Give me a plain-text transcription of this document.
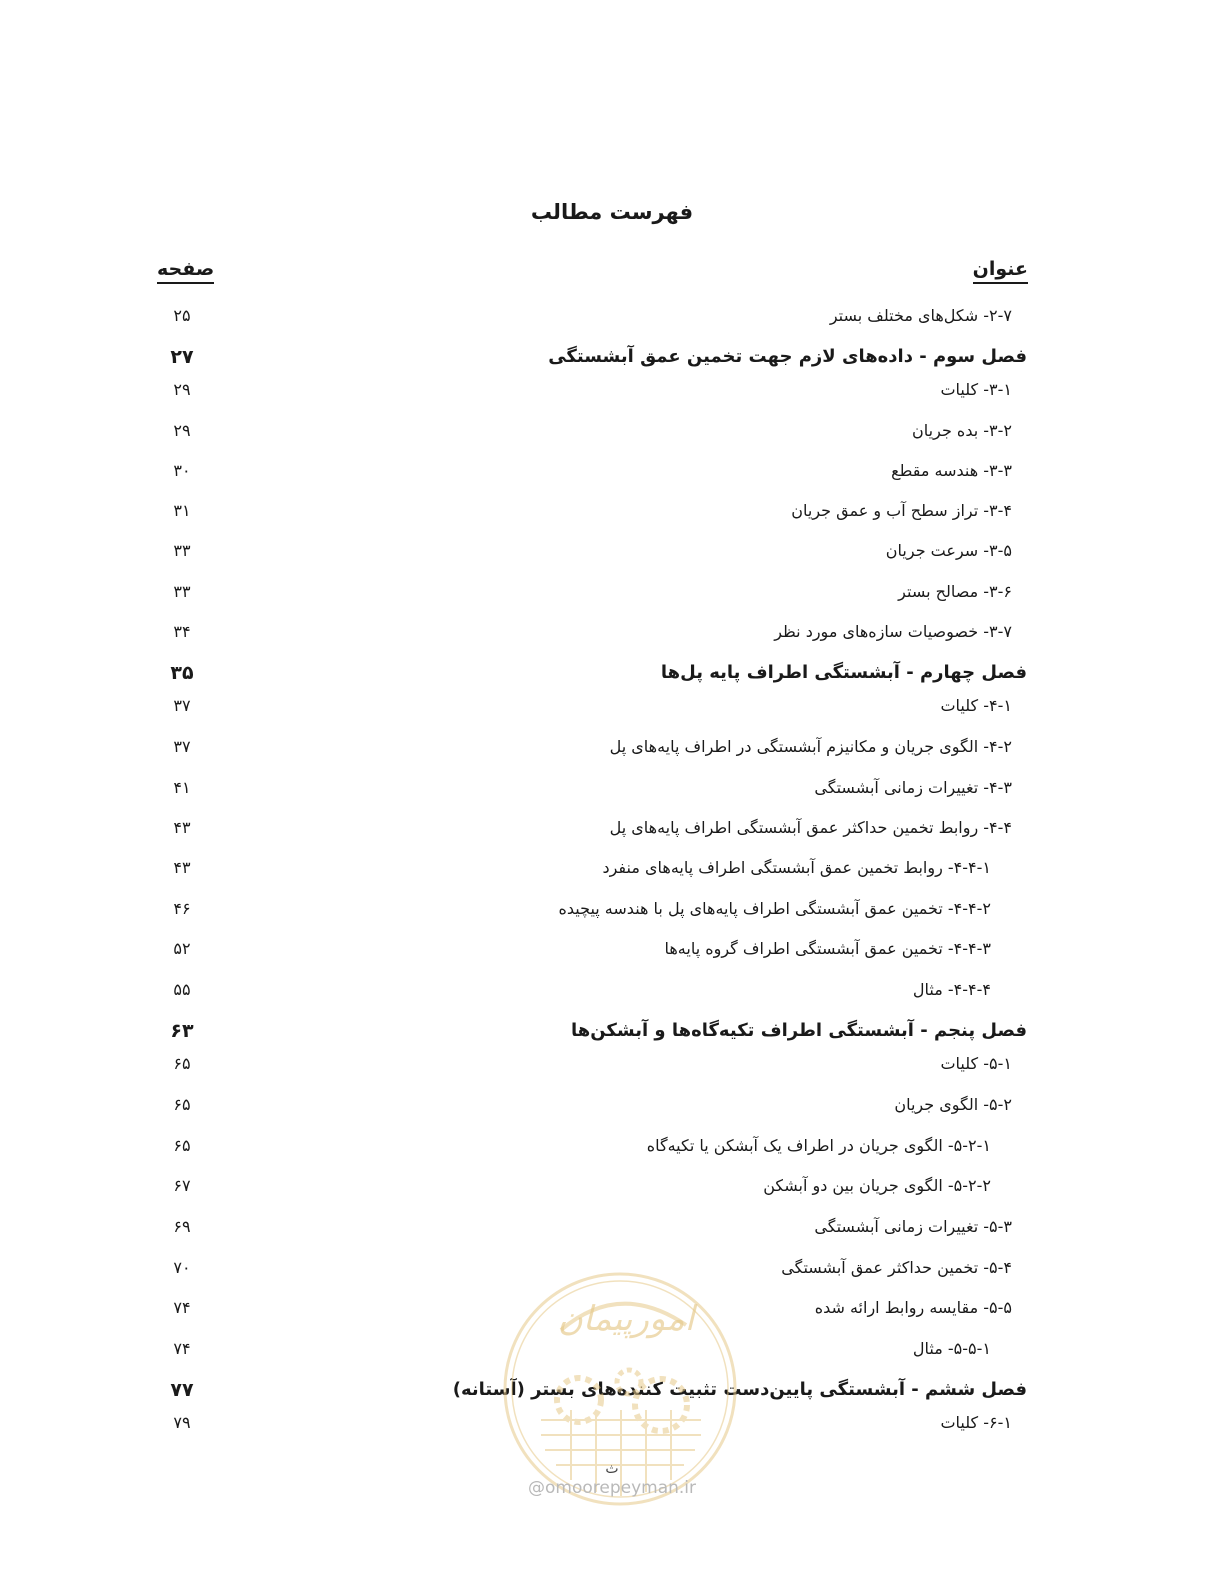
فهرست مطالب
عنوان
صفحه
۲-۷- شکل‌های مختلف بستر
۲۵
فصل سوم - داده‌های لازم جهت تخمین عمق آبشستگی
۲۷
۳-۱- کلیات
۲۹
۳-۲- بده جریان
۲۹
۳-۳- هندسه مقطع
۳۰
۳-۴- تراز سطح آب و عمق جریان
۳۱
۳-۵- سرعت جریان
۳۳
۳-۶- مصالح بستر
۳۳
۳-۷- خصوصیات سازه‌های مورد نظر
۳۴
فصل چهارم - آبشستگی اطراف پایه پل‌ها
۳۵
۴-۱- کلیات
۳۷
۴-۲- الگوی جریان و مکانیزم آبشستگی در اطراف پایه‌های پل
۳۷
۴-۳- تغییرات زمانی آبشستگی
۴۱
۴-۴- روابط تخمین حداکثر عمق آبشستگی اطراف پایه‌های پل
۴۳
۴-۴-۱- روابط تخمین عمق آبشستگی اطراف پایه‌های منفرد
۴۳
۴-۴-۲- تخمین عمق آبشستگی اطراف پایه‌های پل با هندسه پیچیده
۴۶
۴-۴-۳- تخمین عمق آبشستگی اطراف گروه پایه‌ها
۵۲
۴-۴-۴- مثال
۵۵
فصل پنجم - آبشستگی اطراف تکیه‌گاه‌ها و آبشکن‌ها
۶۳
۵-۱- کلیات
۶۵
۵-۲- الگوی جریان
۶۵
۵-۲-۱- الگوی جریان در اطراف یک آبشکن یا تکیه‌گاه
۶۵
۵-۲-۲- الگوی جریان بین دو آبشکن
۶۷
۵-۳- تغییرات زمانی آبشستگی
۶۹
۵-۴- تخمین حداکثر عمق آبشستگی
۷۰
۵-۵- مقایسه روابط ارائه شده
۷۴
۵-۵-۱- مثال
۷۴
فصل ششم - آبشستگی پایین‌دست تثبیت کننده‌های بستر (آستانه)
۷۷
۶-۱- کلیات
۷۹
امورپیمان
ث
@omoorepeyman.ir
